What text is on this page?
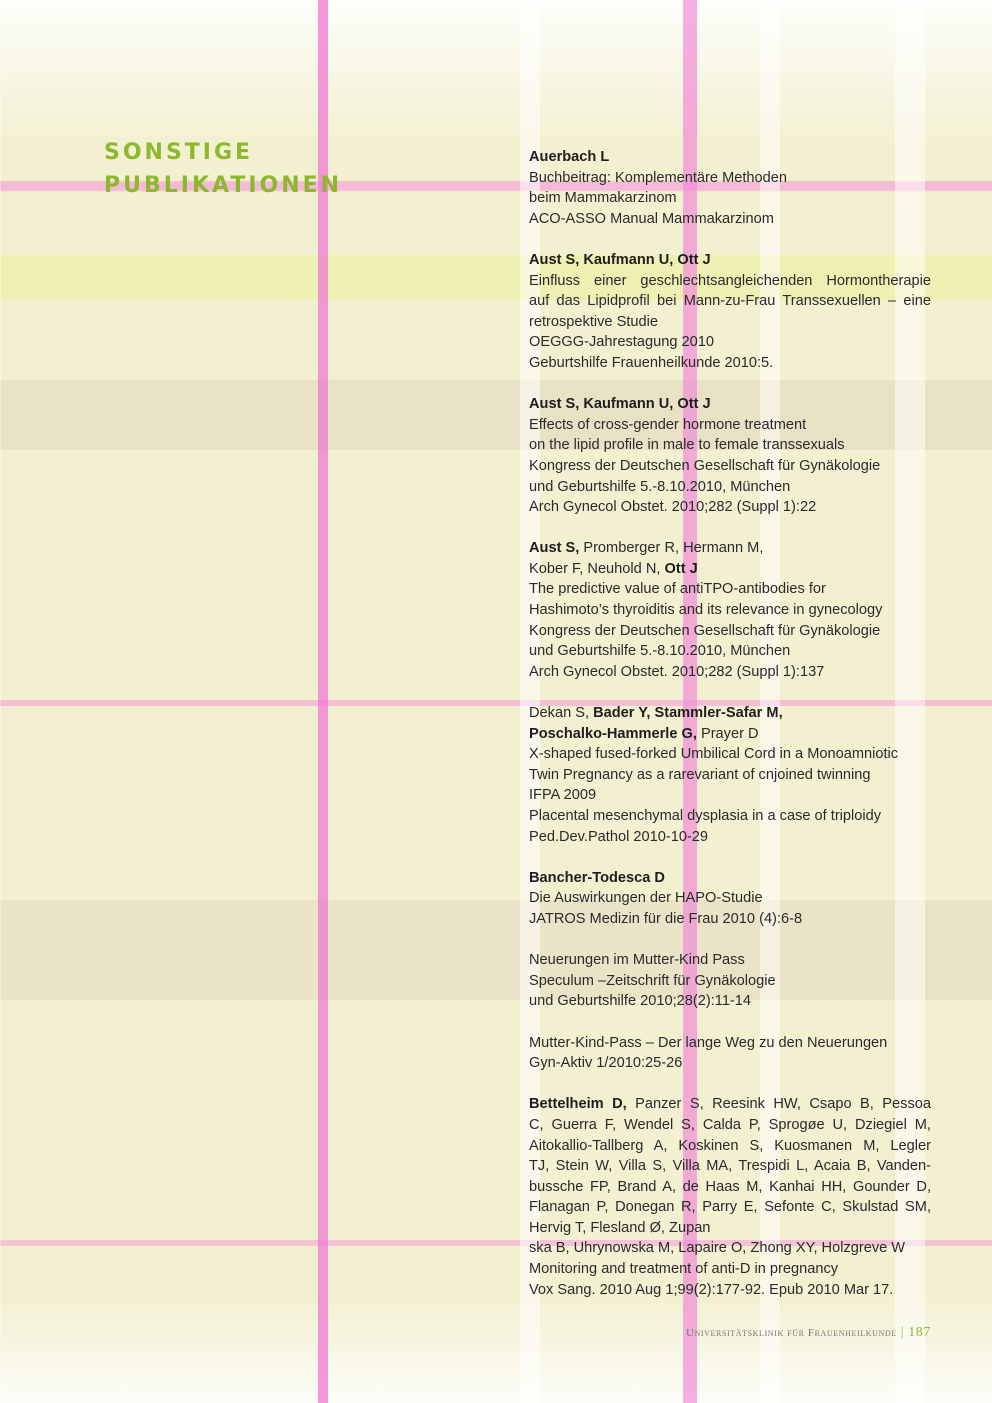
SONSTIGE
PUBLIKATIONEN

Auerbach L

Buchbeitrag: Komplementäre Methoden

beim Mammakarzinom

ACO-ASSO Manual Mammakarzinom

Aust S, Kaufmann U, Ott J

Einfluss einer geschlechtsangleichenden Hormontherapie

auf das Lipidprofil bei Mann-zu-Frau Transsexuellen – eine

retrospektive Studie

OEGGG-Jahrestagung 2010

Geburtshilfe Frauenheilkunde 2010:5.

Aust S, Kaufmann U, Ott J

Effects of cross-gender hormone treatment

on the lipid profile in male to female transsexuals

Kongress der Deutschen Gesellschaft für Gynäkologie

und Geburtshilfe 5.-8.10.2010, München

Arch Gynecol Obstet. 2010;282 (Suppl 1):22

Aust S, Promberger R, Hermann M,

Kober F, Neuhold N, Ott J

The predictive value of antiTPO-antibodies for

Hashimoto’s thyroiditis and its relevance in gynecology

Kongress der Deutschen Gesellschaft für Gynäkologie

und Geburtshilfe 5.-8.10.2010, München

Arch Gynecol Obstet. 2010;282 (Suppl 1):137

Dekan S, Bader Y, Stammler-Safar M,

Poschalko-Hammerle G, Prayer D

X-shaped fused-forked Umbilical Cord in a Monoamniotic

Twin Pregnancy as a rarevariant of cnjoined twinning

IFPA 2009

Placental mesenchymal dysplasia in a case of triploidy

Ped.Dev.Pathol 2010-10-29

Bancher-Todesca D

Die Auswirkungen der HAPO-Studie

JATROS Medizin für die Frau 2010 (4):6-8

Neuerungen im Mutter-Kind Pass

Speculum –Zeitschrift für Gynäkologie

und Geburtshilfe 2010;28(2):11-14

Mutter-Kind-Pass – Der lange Weg zu den Neuerungen

Gyn-Aktiv 1/2010:25-26

Bettelheim D, Panzer S, Reesink HW, Csapo B, Pessoa

C, Guerra F, Wendel S, Calda P, Sprogøe U, Dziegiel M,

Aitokallio-Tallberg A, Koskinen S, Kuosmanen M, Legler

TJ, Stein W, Villa S, Villa MA, Trespidi L, Acaia B, Vanden-

bussche FP, Brand A, de Haas M, Kanhai HH, Gounder D,

Flanagan P, Donegan R, Parry E, Sefonte C, Skulstad SM,

Hervig T, Flesland Ø, Zupan

ska B, Uhrynowska M, Lapaire O, Zhong XY, Holzgreve W

Monitoring and treatment of anti-D in pregnancy

Vox Sang. 2010 Aug 1;99(2):177-92. Epub 2010 Mar 17.

Universitätsklinik für Frauenheilkunde | 187
